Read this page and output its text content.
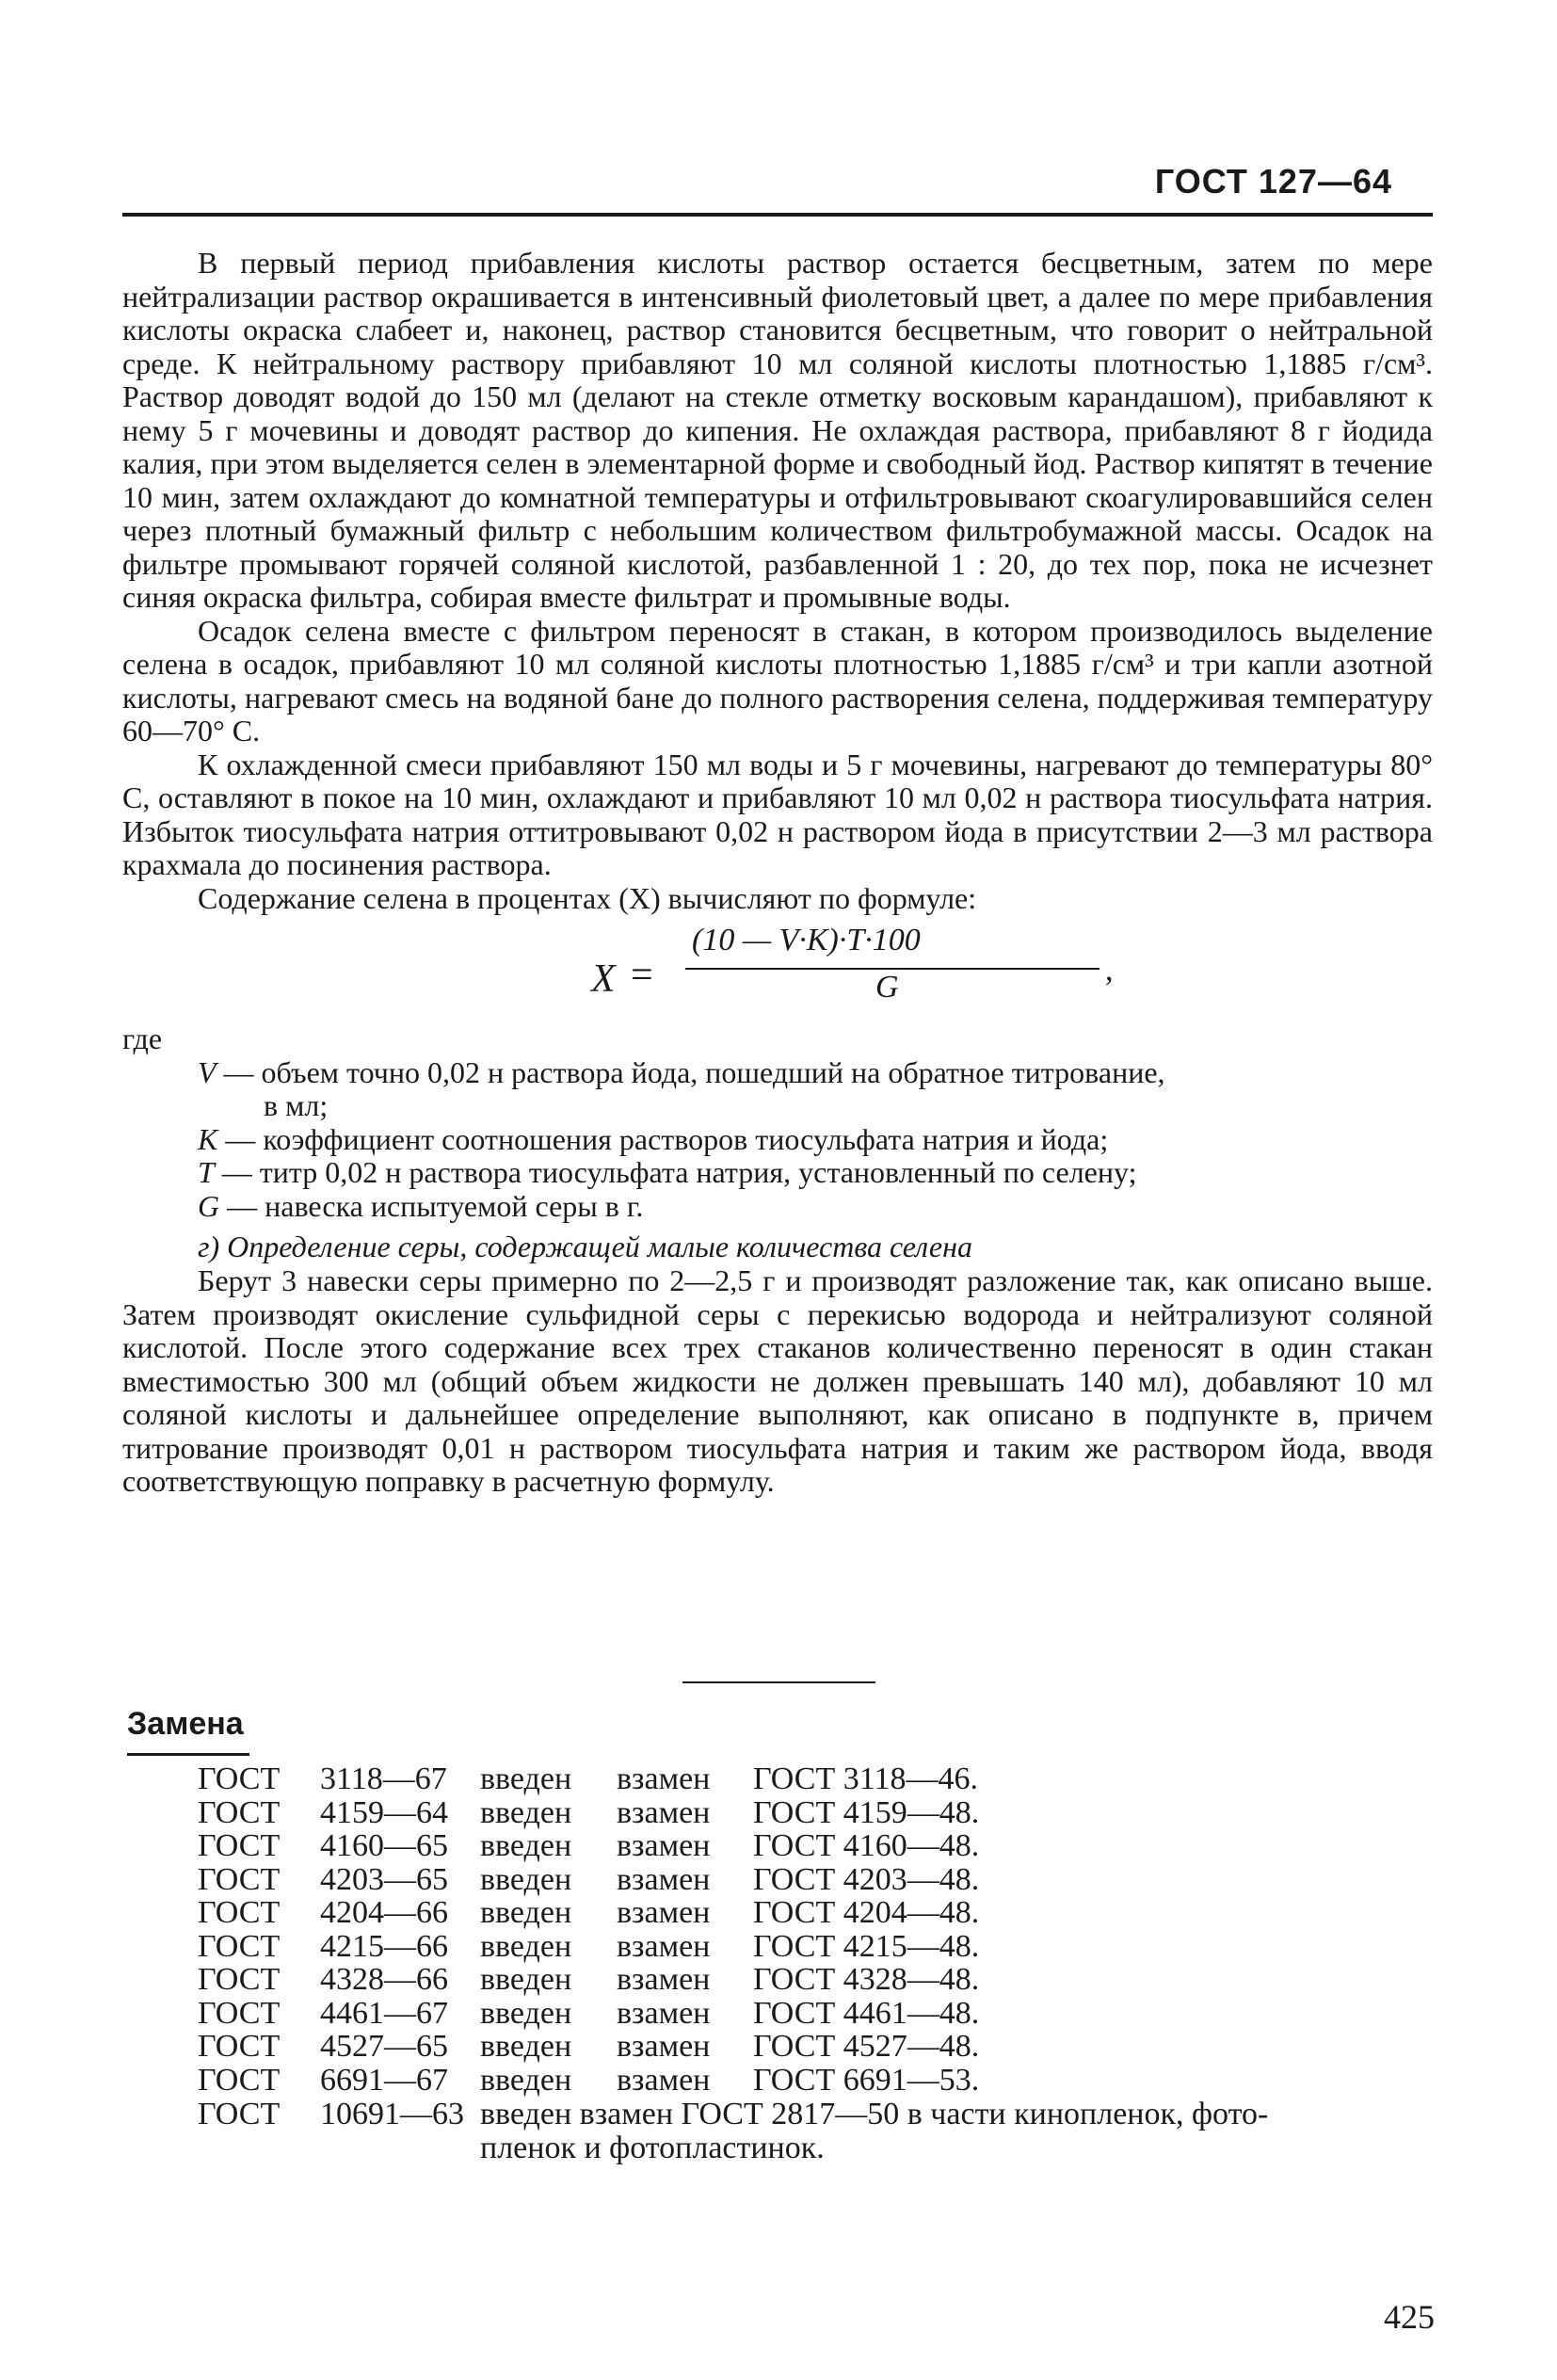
ГОСТ 127—64

В первый период прибавления кислоты раствор остается бесцветным, затем по мере нейтрализации раствор окрашивается в интенсивный фиолетовый цвет, а далее по мере прибавления кислоты окраска слабеет и, наконец, раствор становится бесцветным, что говорит о нейтральной среде. К нейтральному раствору прибавляют 10 мл соляной кислоты плотностью 1,1885 г/см³. Раствор доводят водой до 150 мл (делают на стекле отметку восковым карандашом), прибавляют к нему 5 г мочевины и доводят раствор до кипения. Не охлаждая раствора, прибавляют 8 г йодида калия, при этом выделяется селен в элементарной форме и свободный йод. Раствор кипятят в течение 10 мин, затем охлаждают до комнатной температуры и отфильтровывают скоагулировавшийся селен через плотный бумажный фильтр с небольшим количеством фильтробумажной массы. Осадок на фильтре промывают горячей соляной кислотой, разбавленной 1 : 20, до тех пор, пока не исчезнет синяя окраска фильтра, собирая вместе фильтрат и промывные воды.

Осадок селена вместе с фильтром переносят в стакан, в котором производилось выделение селена в осадок, прибавляют 10 мл соляной кислоты плотностью 1,1885 г/см³ и три капли азотной кислоты, нагревают смесь на водяной бане до полного растворения селена, поддерживая температуру 60—70° С.

К охлажденной смеси прибавляют 150 мл воды и 5 г мочевины, нагревают до температуры 80° С, оставляют в покое на 10 мин, охлаждают и прибавляют 10 мл 0,02 н раствора тиосульфата натрия. Избыток тиосульфата натрия оттитровывают 0,02 н раствором йода в присутствии 2—3 мл раствора крахмала до посинения раствора.

Содержание селена в процентах (X) вычисляют по формуле:

X =
(10 — V·K)·T·100
G	,

где

V — объем точно 0,02 н раствора йода, пошедший на обратное титрование,

в мл;

K — коэффициент соотношения растворов тиосульфата натрия и йода;

T — титр 0,02 н раствора тиосульфата натрия, установленный по селену;

G — навеска испытуемой серы в г.

г) Определение серы, содержащей малые количества селена

Берут 3 навески серы примерно по 2—2,5 г и производят разложение так, как описано выше. Затем производят окисление сульфидной серы с перекисью водорода и нейтрализуют соляной кислотой. После этого содержание всех трех стаканов количественно переносят в один стакан вместимостью 300 мл (общий объем жидкости не должен превышать 140 мл), добавляют 10 мл соляной кислоты и дальнейшее определение выполняют, как описано в подпункте в, причем титрование производят 0,01 н раствором тиосульфата натрия и таким же раствором йода, вводя соответствующую поправку в расчетную формулу.

Замена
ГОСТ	3118—67	введен	взамен	ГОСТ 3118—46.
ГОСТ	4159—64	введен	взамен	ГОСТ 4159—48.
ГОСТ	4160—65	введен	взамен	ГОСТ 4160—48.
ГОСТ	4203—65	введен	взамен	ГОСТ 4203—48.
ГОСТ	4204—66	введен	взамен	ГОСТ 4204—48.
ГОСТ	4215—66	введен	взамен	ГОСТ 4215—48.
ГОСТ	4328—66	введен	взамен	ГОСТ 4328—48.
ГОСТ	4461—67	введен	взамен	ГОСТ 4461—48.
ГОСТ	4527—65	введен	взамен	ГОСТ 4527—48.
ГОСТ	6691—67	введен	взамен	ГОСТ 6691—53.
ГОСТ	10691—63 введен взамен ГОСТ 2817—50 в части кинопленок, фото-
пленок и фотопластинок.
425
